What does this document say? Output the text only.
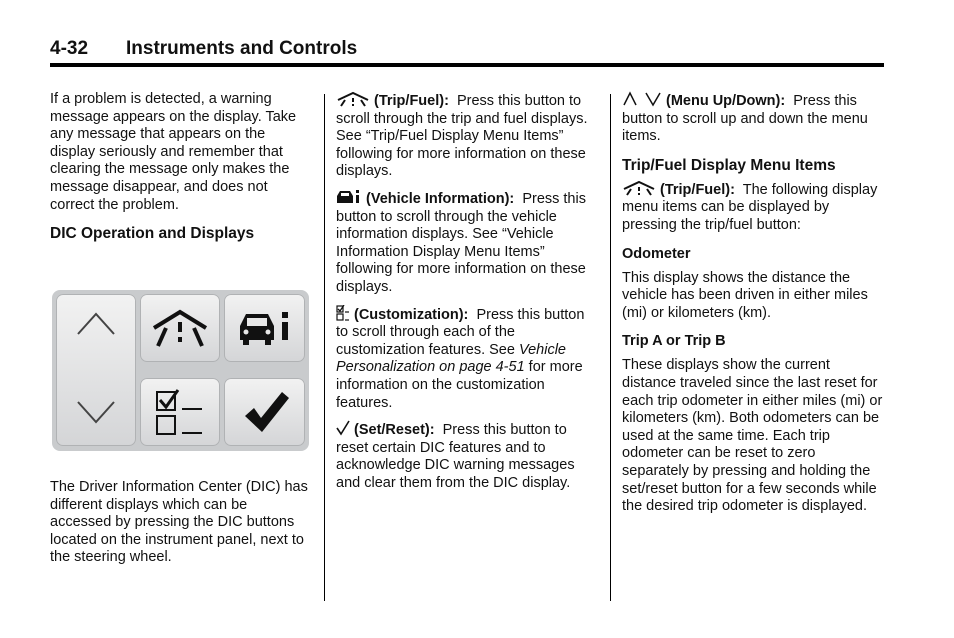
4-32 Instruments and Controls

If a problem is detected, a warning message appears on the display. Take any message that appears on the display seriously and remember that clearing the message only makes the message disappear, and does not correct the problem.

DIC Operation and Displays

The Driver Information Center (DIC) has different displays which can be accessed by pressing the DIC buttons located on the instrument panel, next to the steering wheel.

(Trip/Fuel): Press this button to scroll through the trip and fuel displays. See “Trip/Fuel Display Menu Items” following for more information on these displays.

(Vehicle Information): Press this button to scroll through the vehicle information displays. See “Vehicle Information Display Menu Items” following for more information on these displays.

(Customization): Press this button to scroll through each of the customization features. See Vehicle Personalization on page 4-51 for more information on the customization features.

(Set/Reset): Press this button to reset certain DIC features and to acknowledge DIC warning messages and clear them from the DIC display.

(Menu Up/Down): Press this button to scroll up and down the menu items.

Trip/Fuel Display Menu Items

(Trip/Fuel): The following display menu items can be displayed by pressing the trip/fuel button:

Odometer

This display shows the distance the vehicle has been driven in either miles (mi) or kilometers (km).

Trip A or Trip B

These displays show the current distance traveled since the last reset for each trip odometer in either miles (mi) or kilometers (km). Both odometers can be used at the same time. Each trip odometer can be reset to zero separately by pressing and holding the set/reset button for a few seconds while the desired trip odometer is displayed.
